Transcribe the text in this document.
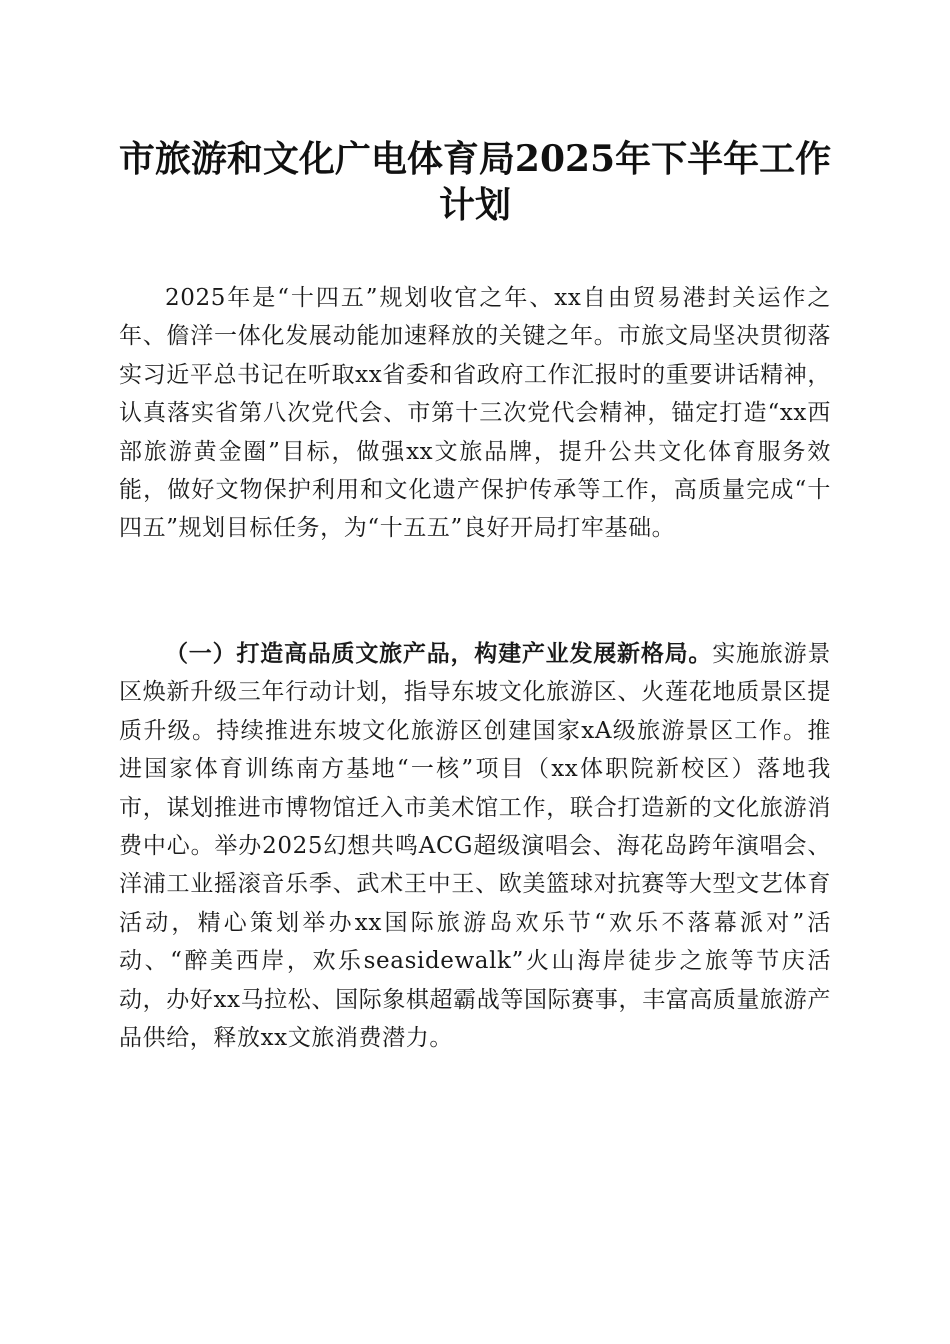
市旅游和文化广电体育局2025年下半年工作计划

2025年是“十四五”规划收官之年、xx自由贸易港封关运作之年、儋洋一体化发展动能加速释放的关键之年。市旅文局坚决贯彻落实习近平总书记在听取xx省委和省政府工作汇报时的重要讲话精神，认真落实省第八次党代会、市第十三次党代会精神，锚定打造“xx西部旅游黄金圈”目标，做强xx文旅品牌，提升公共文化体育服务效能，做好文物保护利用和文化遗产保护传承等工作，高质量完成“十四五”规划目标任务，为“十五五”良好开局打牢基础。

（一）打造高品质文旅产品，构建产业发展新格局。实施旅游景区焕新升级三年行动计划，指导东坡文化旅游区、火莲花地质景区提质升级。持续推进东坡文化旅游区创建国家xA级旅游景区工作。推进国家体育训练南方基地“一核”项目（xx体职院新校区）落地我市，谋划推进市博物馆迁入市美术馆工作，联合打造新的文化旅游消费中心。举办2025幻想共鸣ACG超级演唱会、海花岛跨年演唱会、洋浦工业摇滚音乐季、武术王中王、欧美篮球对抗赛等大型文艺体育活动，精心策划举办xx国际旅游岛欢乐节“欢乐不落幕派对”活动、“醉美西岸，欢乐seasidewalk”火山海岸徒步之旅等节庆活动，办好xx马拉松、国际象棋超霸战等国际赛事，丰富高质量旅游产品供给，释放xx文旅消费潜力。
